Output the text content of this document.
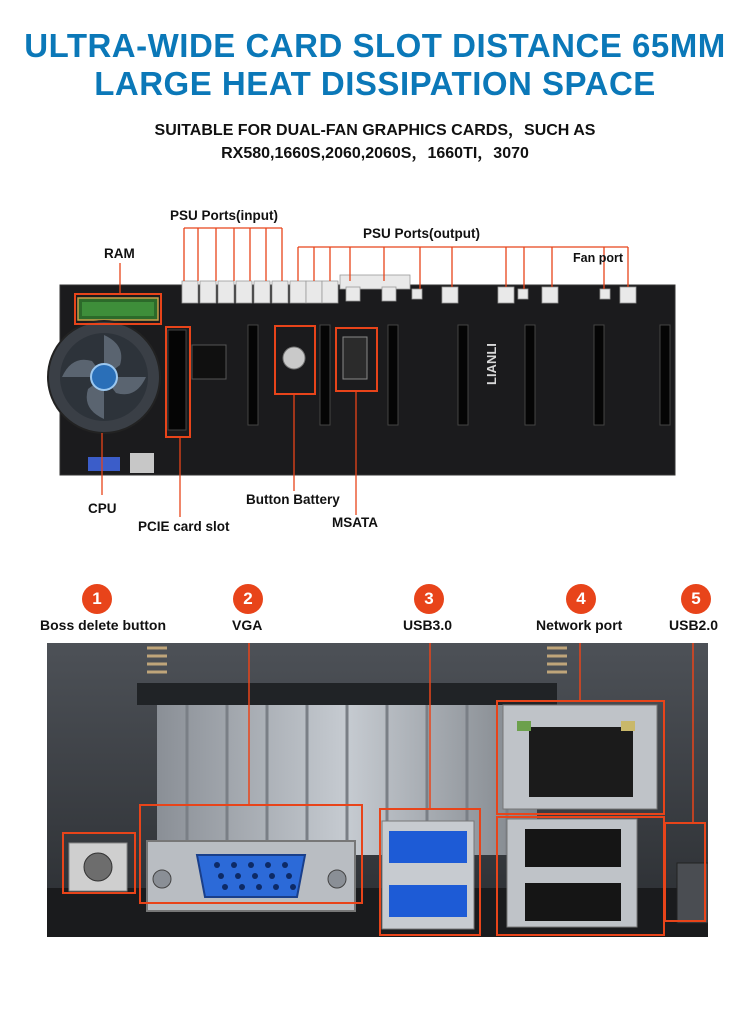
ULTRA-WIDE CARD SLOT DISTANCE 65MM
LARGE HEAT DISSIPATION SPACE
SUITABLE FOR DUAL-FAN GRAPHICS CARDS，SUCH AS
RX580,1660S,2060,2060S，1660TI，3070
LIANLI
PSU Ports(input)
PSU Ports(output)
RAM	Fan port
CPU
PCIE card slot
Button Battery
MSATA
1
Boss delete button
2
VGA
3
USB3.0
4
Network port
5
USB2.0
